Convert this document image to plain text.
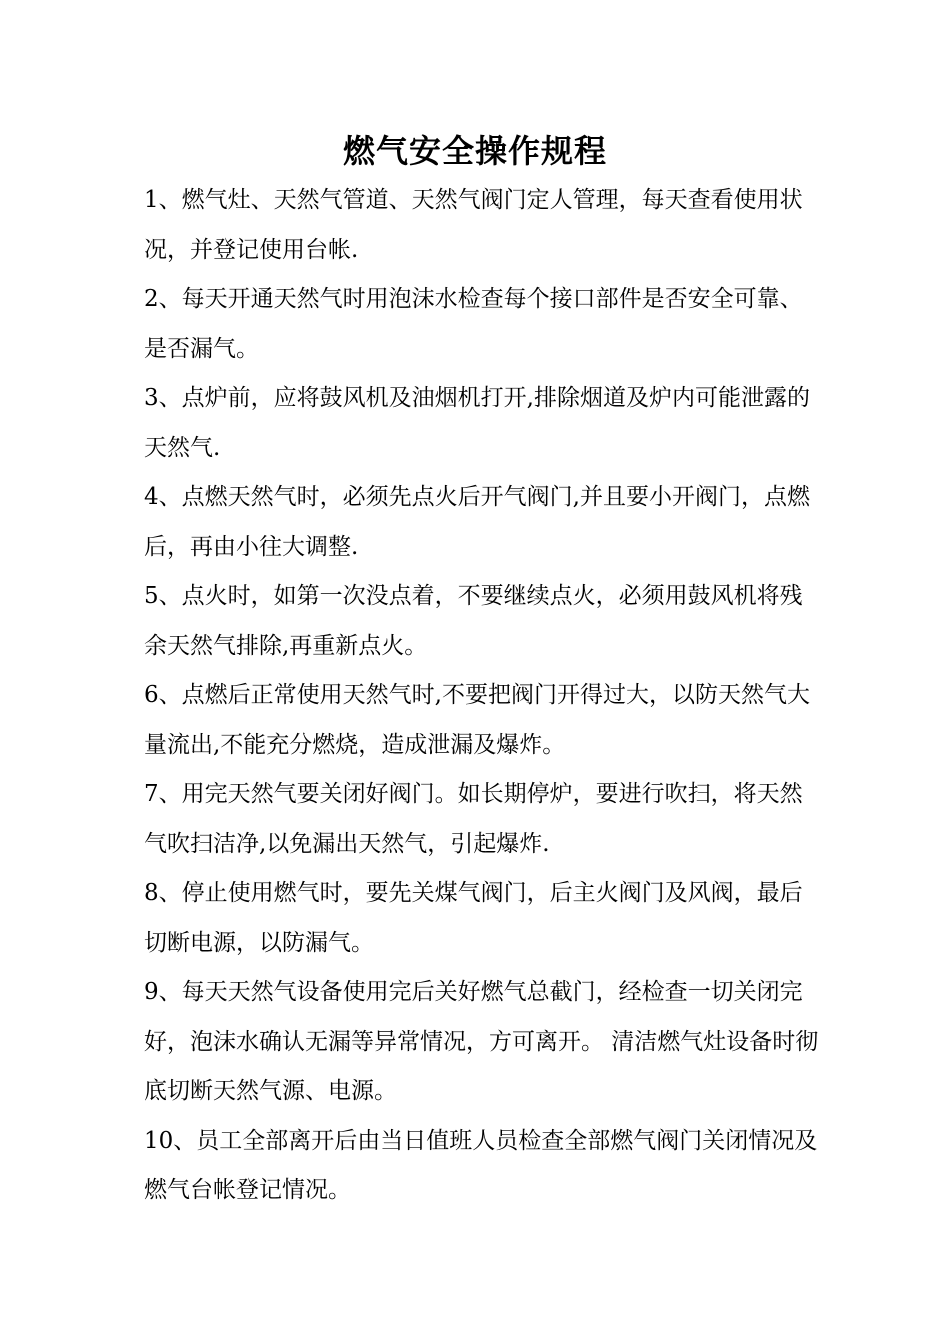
燃气安全操作规程
1、燃气灶、天然气管道、天然气阀门定人管理，每天查看使用状况，并登记使用台帐.
2、每天开通天然气时用泡沫水检查每个接口部件是否安全可靠、是否漏气。
3、点炉前，应将鼓风机及油烟机打开,排除烟道及炉内可能泄露的天然气.
4、点燃天然气时，必须先点火后开气阀门,并且要小开阀门，点燃后，再由小往大调整.
5、点火时，如第一次没点着，不要继续点火，必须用鼓风机将残余天然气排除,再重新点火。
6、点燃后正常使用天然气时,不要把阀门开得过大，以防天然气大量流出,不能充分燃烧，造成泄漏及爆炸。
7、用完天然气要关闭好阀门。如长期停炉，要进行吹扫，将天然气吹扫洁净,以免漏出天然气，引起爆炸.
8、停止使用燃气时，要先关煤气阀门，后主火阀门及风阀，最后切断电源，以防漏气。
9、每天天然气设备使用完后关好燃气总截门，经检查一切关闭完好，泡沫水确认无漏等异常情况，方可离开。 清洁燃气灶设备时彻底切断天然气源、电源。
10、员工全部离开后由当日值班人员检查全部燃气阀门关闭情况及燃气台帐登记情况。
